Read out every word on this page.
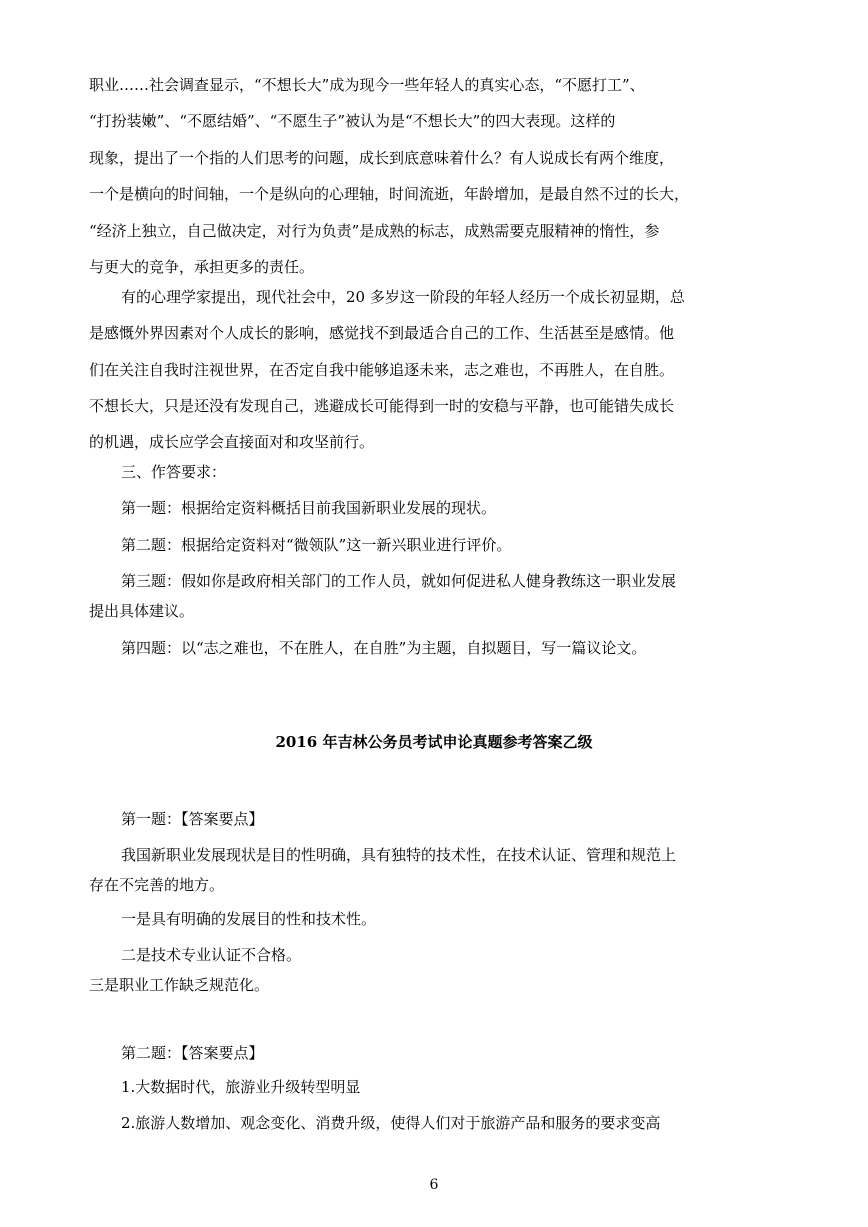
职业……社会调查显示，“不想长大”成为现今一些年轻人的真实心态，“不愿打工”、
“打扮装嫩”、“不愿结婚”、“不愿生子”被认为是“不想长大”的四大表现。这样的
现象，提出了一个指的人们思考的问题，成长到底意味着什么？有人说成长有两个维度，
一个是横向的时间轴，一个是纵向的心理轴，时间流逝，年龄增加，是最自然不过的长大，
“经济上独立，自己做决定，对行为负责”是成熟的标志，成熟需要克服精神的惰性，参
与更大的竞争，承担更多的责任。
有的心理学家提出，现代社会中，20 多岁这一阶段的年轻人经历一个成长初显期，总
是感慨外界因素对个人成长的影响，感觉找不到最适合自己的工作、生活甚至是感情。他
们在关注自我时注视世界，在否定自我中能够追逐未来，志之难也，不再胜人，在自胜。
不想长大，只是还没有发现自己，逃避成长可能得到一时的安稳与平静，也可能错失成长
的机遇，成长应学会直接面对和攻坚前行。
三、作答要求：
第一题：根据给定资料概括目前我国新职业发展的现状。
第二题：根据给定资料对“微领队”这一新兴职业进行评价。
第三题：假如你是政府相关部门的工作人员，就如何促进私人健身教练这一职业发展
提出具体建议。
第四题：以“志之难也，不在胜人，在自胜”为主题，自拟题目，写一篇议论文。
2016 年吉林公务员考试申论真题参考答案乙级
第一题：【答案要点】
我国新职业发展现状是目的性明确，具有独特的技术性，在技术认证、管理和规范上
存在不完善的地方。
一是具有明确的发展目的性和技术性。
二是技术专业认证不合格。
三是职业工作缺乏规范化。
第二题：【答案要点】
1.大数据时代，旅游业升级转型明显
2.旅游人数增加、观念变化、消费升级，使得人们对于旅游产品和服务的要求变高
6
